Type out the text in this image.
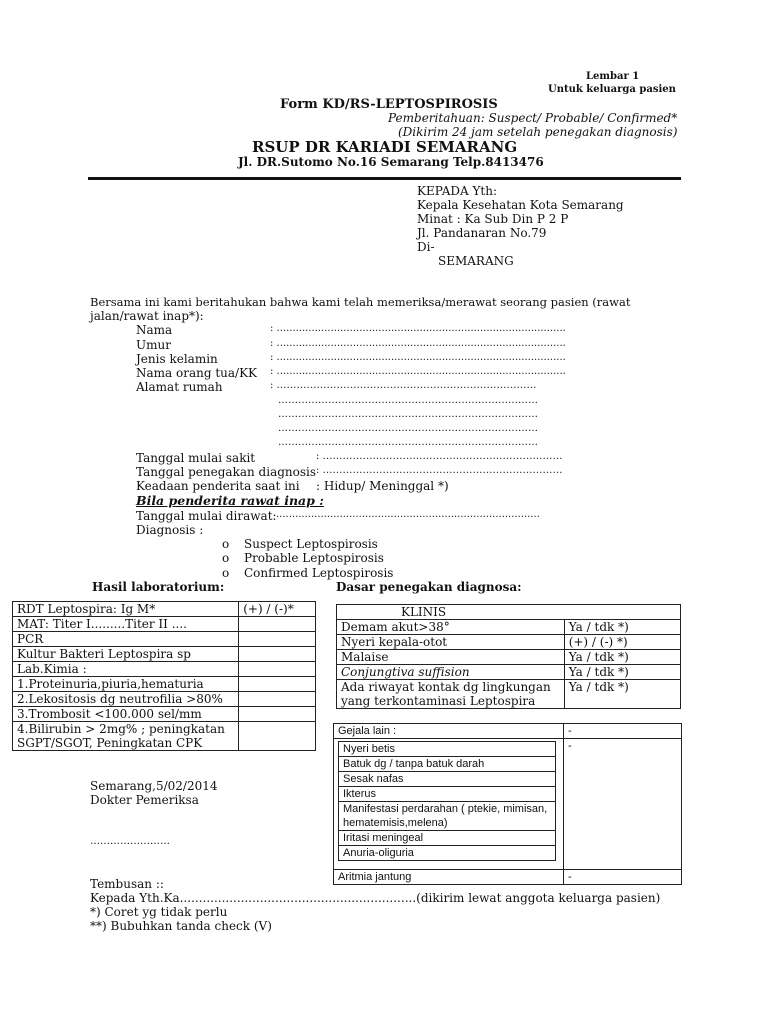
Lembar 1
Untuk keluarga pasien
Form KD/RS-LEPTOSPIROSIS
Pemberitahuan: Suspect/ Probable/ Confirmed*
(Dikirim 24 jam setelah penegakan diagnosis)
RSUP DR KARIADI SEMARANG
Jl. DR.Sutomo No.16 Semarang Telp.8413476
KEPADA Yth:
Kepala Kesehatan Kota Semarang
Minat : Ka Sub Din P 2 P
Jl. Pandanaran No.79
Di-
SEMARANG
Bersama ini kami beritahukan bahwa kami telah memeriksa/merawat seorang pasien (rawat
jalan/rawat inap*):
Nama	: ...........................................................................................
Umur	: ...........................................................................................
Jenis kelamin	: ...........................................................................................
Nama orang tua/KK : ...........................................................................................
Alamat rumah	: ……………………………………………………………………
……………………………………………………………………
……………………………………………………………………
……………………………………………………………………
……………………………………………………………………
Tanggal mulai sakit	: ………………………………………………………………
Tanggal penegakan diagnosis : ………………………………………………………………
Keadaan penderita saat ini : Hidup/ Meninggal *)
Bila penderita rawat inap :
Tanggal mulai dirawat: ...................................................................................
Diagnosis :
o Suspect Leptospirosis
o Probable Leptospirosis
o Confirmed Leptospirosis
Hasil laboratorium:	Dasar penegakan diagnosa:
RDT Leptospira: Ig M*	(+) / (-)*
MAT: Titer I.........Titer II ....	
PCR	
Kultur Bakteri Leptospira sp	
Lab.Kimia :	
1.Proteinuria,piuria,hematuria	
2.Lekositosis dg neutrofilia >80%	
3.Trombosit <100.000 sel/mm	
4.Bilirubin > 2mg% ; peningkatan SGPT/SGOT, Peningkatan CPK	
KLINIS	
Demam akut>38°	Ya / tdk *)
Nyeri kepala-otot	(+) / (-) *)
Malaise	Ya / tdk *)
Conjungtiva suffision	Ya / tdk *)
Ada riwayat kontak dg lingkungan yang terkontaminasi Leptospira	Ya / tdk *)
Gejala lain :	-

Nyeri betis
Batuk dg / tanpa batuk darah
Sesak nafas
Ikterus
Manifestasi perdarahan ( ptekie, mimisan, hematemisis,melena)
Iritasi meningeal
Anuria-oliguria
	-
Aritmia jantung	-
Semarang,5/02/2014
Dokter Pemeriksa
……………………
Tembusan ::
Kepada Yth.Ka..............................................................(dikirim lewat anggota keluarga pasien)
*) Coret yg tidak perlu
**) Bubuhkan tanda check (V)
